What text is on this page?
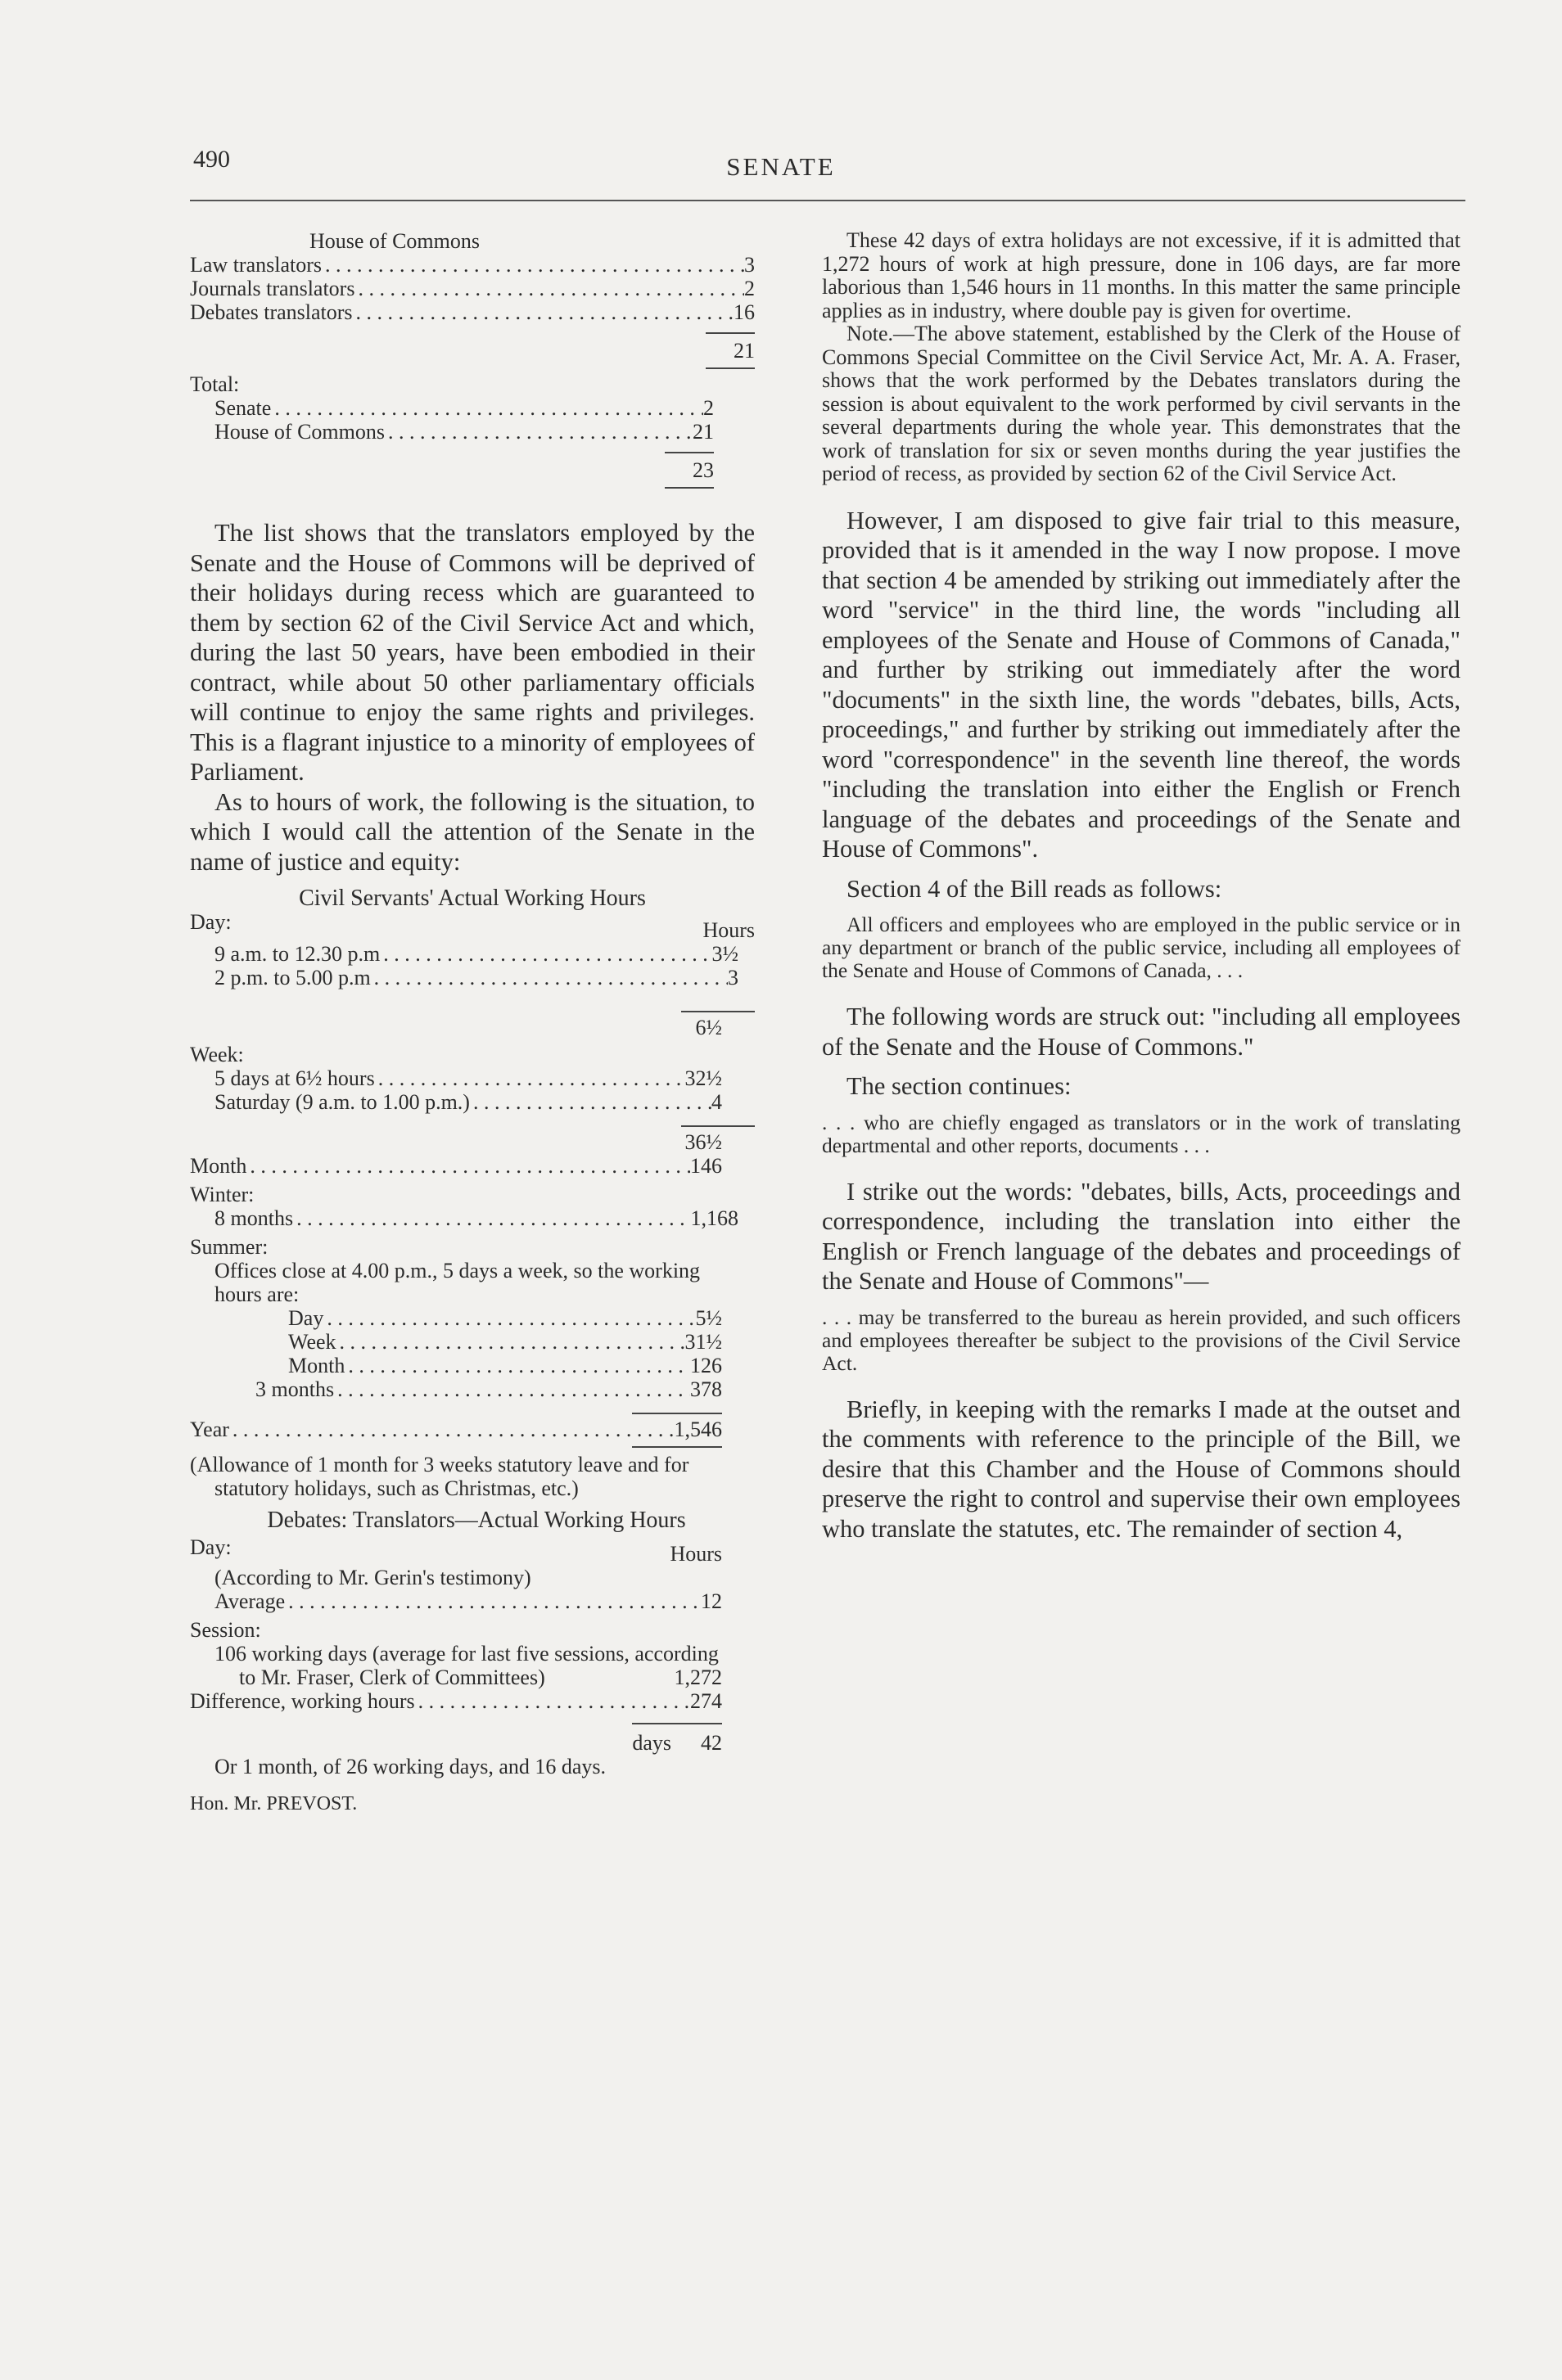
490	SENATE
House of Commons
Law translators . . .	3
Journals translators . . .	2
Debates translators . . .	16
21
Total:
Senate . . .	2
House of Commons . . .	21
23

The list shows that the translators employed by the Senate and the House of Commons will be deprived of their holidays during recess which are guaranteed to them by section 62 of the Civil Service Act and which, during the last 50 years, have been embodied in their contract, while about 50 other parliamentary officials will continue to enjoy the same rights and privileges. This is a flagrant injustice to a minority of employees of Parliament.

As to hours of work, the following is the situation, to which I would call the attention of the Senate in the name of justice and equity:

Civil Servants' Actual Working Hours
Day:	Hours
9 a.m. to 12.30 p.m . . .	3½
2 p.m. to 5.00 p.m . . .	3
6½
Week:
5 days at 6½ hours . . .	32½
Saturday (9 a.m. to 1.00 p.m.) . . .	4
36½
Month . . .	146
Winter:
8 months . . .	1,168
Summer:
Offices close at 4.00 p.m., 5 days a week, so the working hours are:
Day . . .	5½
Week . . .	31½
Month . . .	126
3 months . . .	378
Year . . .	1,546
(Allowance of 1 month for 3 weeks statutory leave and for statutory holidays, such as Christmas, etc.)
Debates: Translators—Actual Working Hours
Day:	Hours
(According to Mr. Gerin's testimony)
Average . . .	12
Session:
106 working days (average for last five sessions, according to Mr. Fraser, Clerk of Committees)	1,272
Difference, working hours . . .	274
days 42
Or 1 month, of 26 working days, and 16 days.
Hon. Mr. PREVOST.

These 42 days of extra holidays are not excessive, if it is admitted that 1,272 hours of work at high pressure, done in 106 days, are far more laborious than 1,546 hours in 11 months. In this matter the same principle applies as in industry, where double pay is given for overtime.

Note.—The above statement, established by the Clerk of the House of Commons Special Committee on the Civil Service Act, Mr. A. A. Fraser, shows that the work performed by the Debates translators during the session is about equivalent to the work performed by civil servants in the several departments during the whole year. This demonstrates that the work of translation for six or seven months during the year justifies the period of recess, as provided by section 62 of the Civil Service Act.

However, I am disposed to give fair trial to this measure, provided that is it amended in the way I now propose. I move that section 4 be amended by striking out immediately after the word "service" in the third line, the words "including all employees of the Senate and House of Commons of Canada," and further by striking out immediately after the word "documents" in the sixth line, the words "debates, bills, Acts, proceedings," and further by striking out immediately after the word "correspondence" in the seventh line thereof, the words "including the translation into either the English or French language of the debates and proceedings of the Senate and House of Commons".

Section 4 of the Bill reads as follows:

All officers and employees who are employed in the public service or in any department or branch of the public service, including all employees of the Senate and House of Commons of Canada, . . .

The following words are struck out: "including all employees of the Senate and the House of Commons."

The section continues:

. . . who are chiefly engaged as translators or in the work of translating departmental and other reports, documents . . .

I strike out the words: "debates, bills, Acts, proceedings and correspondence, including the translation into either the English or French language of the debates and proceedings of the Senate and House of Commons"—

. . . may be transferred to the bureau as herein provided, and such officers and employees thereafter be subject to the provisions of the Civil Service Act.

Briefly, in keeping with the remarks I made at the outset and the comments with reference to the principle of the Bill, we desire that this Chamber and the House of Commons should preserve the right to control and supervise their own employees who translate the statutes, etc. The remainder of section 4,
